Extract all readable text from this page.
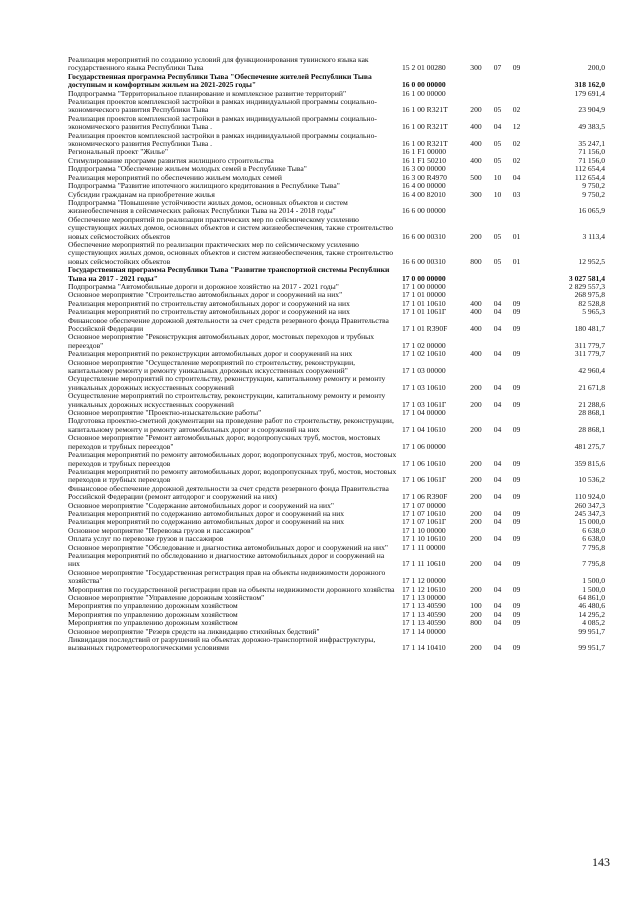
Реализация мероприятий по созданию условий для функционирования тувинского языка как государственного языка Республики Тыва	15 2 01 00280	300	07	09	200,0
Государственная программа Республики Тыва "Обеспечение жителей Республики Тыва доступным и комфортным жильем на 2021-2025 годы"	16 0 00 00000				318 162,0
Подпрограмма "Территориальное планирование и комплексное развитие территорий"	16 1 00 00000				179 691,4
Реализация проектов комплексной застройки в рамках индивидуальной программы социально-экономического развития Республики Тыва	16 1 00 R321T	200	05	02	23 904,9
Реализация проектов комплексной застройки в рамках индивидуальной программы социально-экономического развития Республики Тыва .	16 1 00 R321T	400	04	12	49 383,5
Реализация проектов комплексной застройки в рамках индивидуальной программы социально-экономического развития Республики Тыва .	16 1 00 R321T	400	05	02	35 247,1
Региональный проект "Жилье"	16 1 F1 00000				71 156,0
Стимулирование программ развития жилищного строительства	16 1 F1 50210	400	05	02	71 156,0
Подпрограмма "Обеспечение жильем молодых семей в Республике Тыва"	16 3 00 00000				112 654,4
Реализация мероприятий по обеспечению жильем молодых семей	16 3 00 R4970	500	10	04	112 654,4
Подпрограмма "Развитие ипотечного жилищного кредитования в Республике Тыва"	16 4 00 00000				9 750,2
Субсидии гражданам на приобретение жилья	16 4 00 82010	300	10	03	9 750,2
Подпрограмма "Повышение устойчивости жилых домов, основных объектов и систем жизнеобеспечения в сейсмических районах Республики Тыва на 2014 - 2018 годы"	16 6 00 00000				16 065,9
Обеспечение мероприятий по реализации практических мер по сейсмическому усилению существующих жилых домов, основных объектов и систем жизнеобеспечения, также строительство новых сейсмостойких объектов	16 6 00 00310	200	05	01	3 113,4
Обеспечение мероприятий по реализации практических мер по сейсмическому усилению существующих жилых домов, основных объектов и систем жизнеобеспечения, также строительство новых сейсмостойких объектов	16 6 00 00310	800	05	01	12 952,5
Государственная программа Республики Тыва "Развитие транспортной системы Республики Тыва на 2017 - 2021 годы"	17 0 00 00000				3 027 581,4
Подпрограмма "Автомобильные дороги и дорожное хозяйство на 2017 - 2021 годы"	17 1 00 00000				2 829 557,3
Основное мероприятие "Строительство автомобильных дорог и сооружений на них"	17 1 01 00000				268 975,8
Реализация мероприятий по строительству автомобильных дорог и сооружений на них	17 1 01 10610	400	04	09	82 528,8
Реализация мероприятий по строительству автомобильных дорог и сооружений на них	17 1 01 1061Г	400	04	09	5 965,3
Финансовое обеспечение дорожной деятельности за счет средств резервного фонда Правительства Российской Федерации	17 1 01 R390F	400	04	09	180 481,7
Основное мероприятие "Реконструкция автомобильных дорог, мостовых переходов и трубных переездов"	17 1 02 00000				311 779,7
Реализация мероприятий по реконструкции автомобильных дорог и сооружений на них	17 1 02 10610	400	04	09	311 779,7
Основное мероприятие "Осуществление мероприятий по строительству, реконструкции, капитальному ремонту и ремонту уникальных дорожных искусственных сооружений"	17 1 03 00000				42 960,4
Осуществление мероприятий по строительству, реконструкции, капитальному ремонту и ремонту уникальных дорожных искусственных сооружений	17 1 03 10610	200	04	09	21 671,8
Осуществление мероприятий по строительству, реконструкции, капитальному ремонту и ремонту уникальных дорожных искусственных сооружений	17 1 03 1061Г	200	04	09	21 288,6
Основное мероприятие "Проектно-изыскательские работы"	17 1 04 00000				28 868,1
Подготовка проектно-сметной документации на проведение работ по строительству, реконструкции, капитальному ремонту и ремонту автомобильных дорог и сооружений на них	17 1 04 10610	200	04	09	28 868,1
Основное мероприятие "Ремонт автомобильных дорог, водопропускных труб, мостов, мостовых переходов и трубных переездов"	17 1 06 00000				481 275,7
Реализация мероприятий по ремонту автомобильных дорог, водопропускных труб, мостов, мостовых переходов и трубных переездов	17 1 06 10610	200	04	09	359 815,6
Реализация мероприятий по ремонту автомобильных дорог, водопропускных труб, мостов, мостовых переходов и трубных переездов	17 1 06 1061Г	200	04	09	10 536,2
Финансовое обеспечение дорожной деятельности за счет средств резервного фонда Правительства Российской Федерации (ремонт автодорог и сооружений на них)	17 1 06 R390F	200	04	09	110 924,0
Основное мероприятие "Содержание автомобильных дорог и сооружений на них"	17 1 07 00000				260 347,3
Реализация мероприятий по содержанию автомобильных дорог и сооружений на них	17 1 07 10610	200	04	09	245 347,3
Реализация мероприятий по содержанию автомобильных дорог и сооружений на них	17 1 07 1061Г	200	04	09	15 000,0
Основное мероприятие "Перевозка грузов и пассажиров"	17 1 10 00000				6 638,0
Оплата услуг по перевозке грузов и пассажиров	17 1 10 10610	200	04	09	6 638,0
Основное мероприятие "Обследование и диагностика автомобильных дорог и сооружений на них"	17 1 11 00000				7 795,8
Реализация мероприятий по обследованию и диагностике автомобильных дорог и сооружений на них	17 1 11 10610	200	04	09	7 795,8
Основное мероприятие "Государственная регистрация прав на объекты недвижимости дорожного хозяйства"	17 1 12 00000				1 500,0
Мероприятия по государственной регистрации прав на объекты недвижимости дорожного хозяйства	17 1 12 10610	200	04	09	1 500,0
Основное мероприятие "Управление дорожным хозяйством"	17 1 13 00000				64 861,0
Мероприятия по управлению дорожным хозяйством	17 1 13 40590	100	04	09	46 480,6
Мероприятия по управлению дорожным хозяйством	17 1 13 40590	200	04	09	14 295,2
Мероприятия по управлению дорожным хозяйством	17 1 13 40590	800	04	09	4 085,2
Основное мероприятие "Резерв средств на ликвидацию стихийных бедствий"	17 1 14 00000				99 951,7
Ликвидация последствий от разрушений на объектах дорожно-транспортной инфраструктуры, вызванных гидрометеорологическими условиями	17 1 14 10410	200	04	09	99 951,7
143
